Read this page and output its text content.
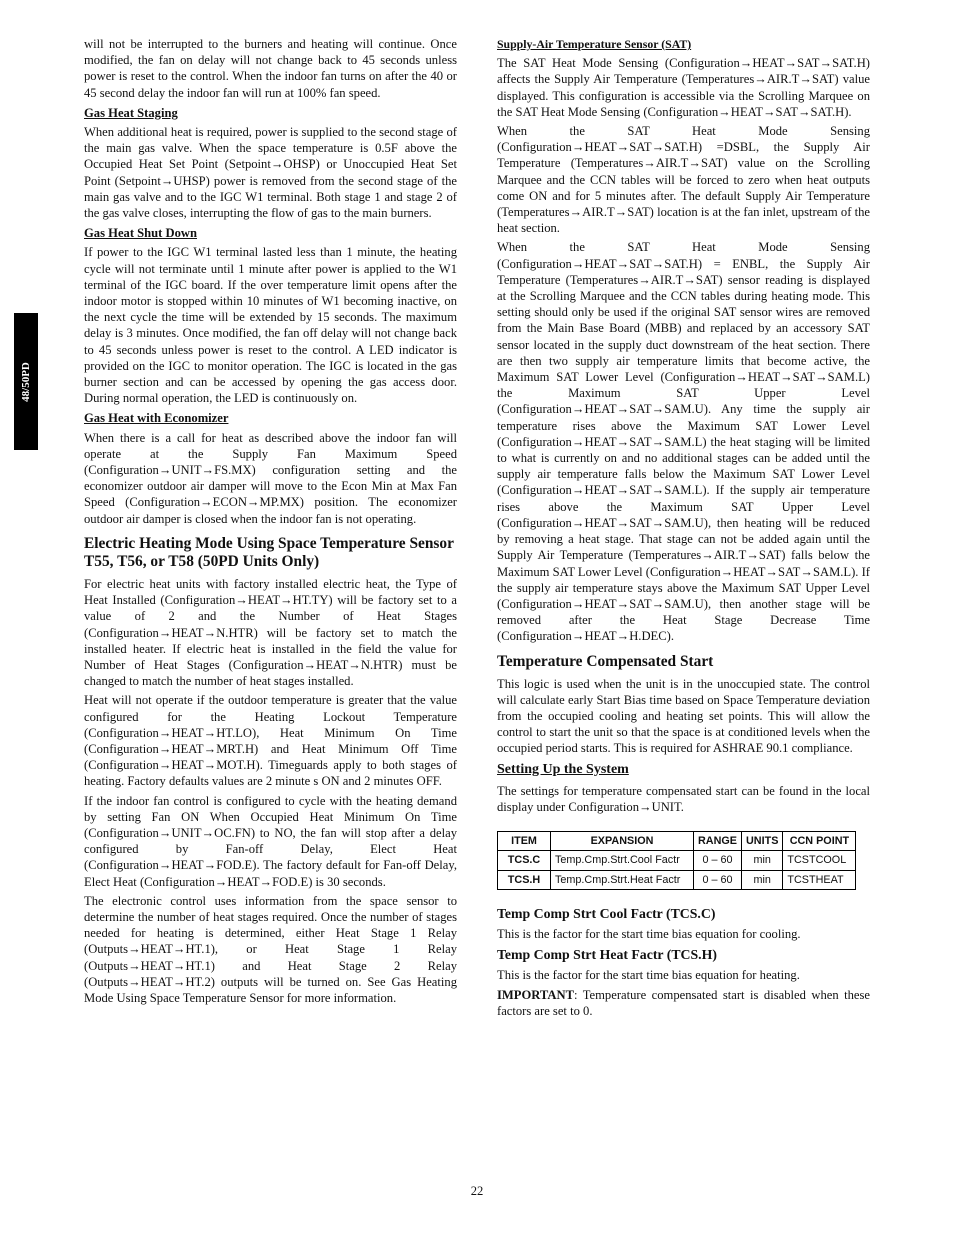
48/50PD

will not be interrupted to the burners and heating will continue. Once modified, the fan on delay will not change back to 45 seconds unless power is reset to the control. When the indoor fan turns on after the 40 or 45 second delay the indoor fan will run at 100% fan speed.

Gas Heat Staging

When additional heat is required, power is supplied to the second stage of the main gas valve. When the space temperature is 0.5F above the Occupied Heat Set Point (Setpoint→OHSP) or Unoccupied Heat Set Point (Setpoint→UHSP) power is removed from the second stage of the main gas valve and to the IGC W1 terminal. Both stage 1 and stage 2 of the gas valve closes, interrupting the flow of gas to the main burners.

Gas Heat Shut Down

If power to the IGC W1 terminal lasted less than 1 minute, the heating cycle will not terminate until 1 minute after power is applied to the W1 terminal of the IGC board. If the over temperature limit opens after the indoor motor is stopped within 10 minutes of W1 becoming inactive, on the next cycle the time will be extended by 15 seconds. The maximum delay is 3 minutes. Once modified, the fan off delay will not change back to 45 seconds unless power is reset to the control. A LED indicator is provided on the IGC to monitor operation. The IGC is located in the gas burner section and can be accessed by opening the gas access door. During normal operation, the LED is continuously on.

Gas Heat with Economizer

When there is a call for heat as described above the indoor fan will operate at the Supply Fan Maximum Speed (Configuration→UNIT→FS.MX) configuration setting and the economizer outdoor air damper will move to the Econ Min at Max Fan Speed (Configuration→ECON→MP.MX) position. The economizer outdoor air damper is closed when the indoor fan is not operating.

Electric Heating Mode Using Space Temperature Sensor T55, T56, or T58 (50PD Units Only)

For electric heat units with factory installed electric heat, the Type of Heat Installed (Configuration→HEAT→HT.TY) will be factory set to a value of 2 and the Number of Heat Stages (Configuration→HEAT→N.HTR) will be factory set to match the installed heater. If electric heat is installed in the field the value for Number of Heat Stages (Configuration→HEAT→N.HTR) must be changed to match the number of heat stages installed.

Heat will not operate if the outdoor temperature is greater that the value configured for the Heating Lockout Temperature (Configuration→HEAT→HT.LO), Heat Minimum On Time (Configuration→HEAT→MRT.H) and Heat Minimum Off Time (Configuration→HEAT→MOT.H). Timeguards apply to both stages of heating. Factory defaults values are 2 minute s ON and 2 minutes OFF.

If the indoor fan control is configured to cycle with the heating demand by setting Fan ON When Occupied Heat Minimum On Time (Configuration→UNIT→OC.FN) to NO, the fan will stop after a delay configured by Fan-off Delay, Elect Heat (Configuration→HEAT→FOD.E). The factory default for Fan-off Delay, Elect Heat (Configuration→HEAT→FOD.E) is 30 seconds.

The electronic control uses information from the space sensor to determine the number of heat stages required. Once the number of stages needed for heating is determined, either Heat Stage 1 Relay (Outputs→HEAT→HT.1), or Heat Stage 1 Relay (Outputs→HEAT→HT.1) and Heat Stage 2 Relay (Outputs→HEAT→HT.2) outputs will be turned on. See Gas Heating Mode Using Space Temperature Sensor for more information.

Supply-Air Temperature Sensor (SAT)

The SAT Heat Mode Sensing (Configuration→HEAT→SAT→SAT.H) affects the Supply Air Temperature (Temperatures→AIR.T→SAT) value displayed. This configuration is accessible via the Scrolling Marquee on the SAT Heat Mode Sensing (Configuration→HEAT→SAT→SAT.H).

When the SAT Heat Mode Sensing (Configuration→HEAT→SAT→SAT.H) =DSBL, the Supply Air Temperature (Temperatures→AIR.T→SAT) value on the Scrolling Marquee and the CCN tables will be forced to zero when heat outputs come ON and for 5 minutes after. The default Supply Air Temperature (Temperatures→AIR.T→SAT) location is at the fan inlet, upstream of the heat section.

When the SAT Heat Mode Sensing (Configuration→HEAT→SAT→SAT.H) = ENBL, the Supply Air Temperature (Temperatures→AIR.T→SAT) sensor reading is displayed at the Scrolling Marquee and the CCN tables during heating mode. This setting should only be used if the original SAT sensor wires are removed from the Main Base Board (MBB) and replaced by an accessory SAT sensor located in the supply duct downstream of the heat section. There are then two supply air temperature limits that become active, the Maximum SAT Lower Level (Configuration→HEAT→SAT→SAM.L) the Maximum SAT Upper Level (Configuration→HEAT→SAT→SAM.U). Any time the supply air temperature rises above the Maximum SAT Lower Level (Configuration→HEAT→SAT→SAM.L) the heat staging will be limited to what is currently on and no additional stages can be added until the supply air temperature falls below the Maximum SAT Lower Level (Configuration→HEAT→SAT→SAM.L). If the supply air temperature rises above the Maximum SAT Upper Level (Configuration→HEAT→SAT→SAM.U), then heating will be reduced by removing a heat stage. That stage can not be added again until the Supply Air Temperature (Temperatures→AIR.T→SAT) falls below the Maximum SAT Lower Level (Configuration→HEAT→SAT→SAM.L). If the supply air temperature stays above the Maximum SAT Upper Level (Configuration→HEAT→SAT→SAM.U), then another stage will be removed after the Heat Stage Decrease Time (Configuration→HEAT→H.DEC).

Temperature Compensated Start

This logic is used when the unit is in the unoccupied state. The control will calculate early Start Bias time based on Space Temperature deviation from the occupied cooling and heating set points. This will allow the control to start the unit so that the space is at conditioned levels when the occupied period starts. This is required for ASHRAE 90.1 compliance.

Setting Up the System

The settings for temperature compensated start can be found in the local display under Configuration→UNIT.

ITEM	EXPANSION	RANGE	UNITS	CCN POINT
TCS.C	Temp.Cmp.Strt.Cool Factr	0 – 60	min	TCSTCOOL
TCS.H	Temp.Cmp.Strt.Heat Factr	0 – 60	min	TCSTHEAT
Temp Comp Strt Cool Factr (TCS.C)

This is the factor for the start time bias equation for cooling.

Temp Comp Strt Heat Factr (TCS.H)

This is the factor for the start time bias equation for heating.

IMPORTANT: Temperature compensated start is disabled when these factors are set to 0.

22
